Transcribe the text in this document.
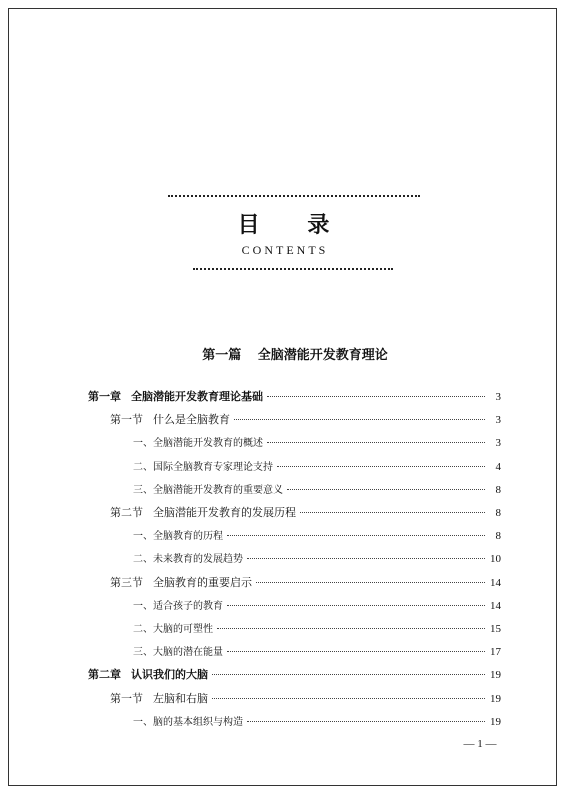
目 录
CONTENTS
第一篇 全脑潜能开发教育理论
第一章 全脑潜能开发教育理论基础	3
第一节 什么是全脑教育	3
一、全脑潜能开发教育的概述	3
二、国际全脑教育专家理论支持	4
三、全脑潜能开发教育的重要意义	8
第二节 全脑潜能开发教育的发展历程	8
一、全脑教育的历程	8
二、未来教育的发展趋势	10
第三节 全脑教育的重要启示	14
一、适合孩子的教育	14
二、大脑的可塑性	15
三、大脑的潜在能量	17
第二章 认识我们的大脑	19
第一节 左脑和右脑	19
一、脑的基本组织与构造	19
— 1 —
